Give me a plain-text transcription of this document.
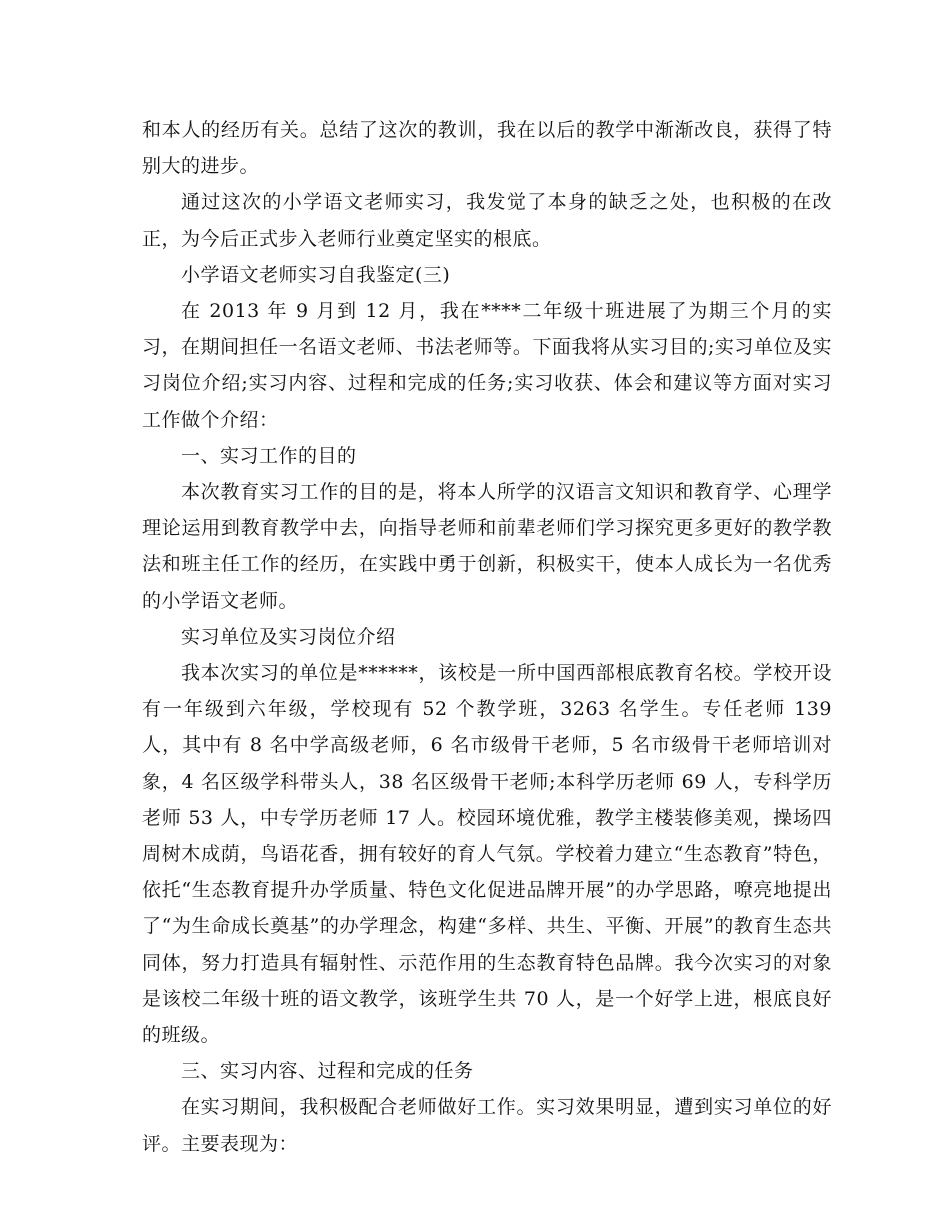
和本人的经历有关。总结了这次的教训，我在以后的教学中渐渐改良，获得了特别大的进步。

通过这次的小学语文老师实习，我发觉了本身的缺乏之处，也积极的在改正，为今后正式步入老师行业奠定坚实的根底。

小学语文老师实习自我鉴定(三)

在 2013 年 9 月到 12 月，我在****二年级十班进展了为期三个月的实习，在期间担任一名语文老师、书法老师等。下面我将从实习目的;实习单位及实习岗位介绍;实习内容、过程和完成的任务;实习收获、体会和建议等方面对实习工作做个介绍：

一、实习工作的目的

本次教育实习工作的目的是，将本人所学的汉语言文知识和教育学、心理学理论运用到教育教学中去，向指导老师和前辈老师们学习探究更多更好的教学教法和班主任工作的经历，在实践中勇于创新，积极实干，使本人成长为一名优秀的小学语文老师。

实习单位及实习岗位介绍

我本次实习的单位是******，该校是一所中国西部根底教育名校。学校开设有一年级到六年级，学校现有 52 个教学班，3263 名学生。专任老师 139 人，其中有 8 名中学高级老师，6 名市级骨干老师，5 名市级骨干老师培训对象，4 名区级学科带头人，38 名区级骨干老师;本科学历老师 69 人，专科学历老师 53 人，中专学历老师 17 人。校园环境优雅，教学主楼装修美观，操场四周树木成荫，鸟语花香，拥有较好的育人气氛。学校着力建立“生态教育”特色，依托“生态教育提升办学质量、特色文化促进品牌开展”的办学思路，嘹亮地提出了“为生命成长奠基”的办学理念，构建“多样、共生、平衡、开展”的教育生态共同体，努力打造具有辐射性、示范作用的生态教育特色品牌。我今次实习的对象是该校二年级十班的语文教学，该班学生共 70 人，是一个好学上进，根底良好的班级。

三、实习内容、过程和完成的任务

在实习期间，我积极配合老师做好工作。实习效果明显，遭到实习单位的好评。主要表现为：
